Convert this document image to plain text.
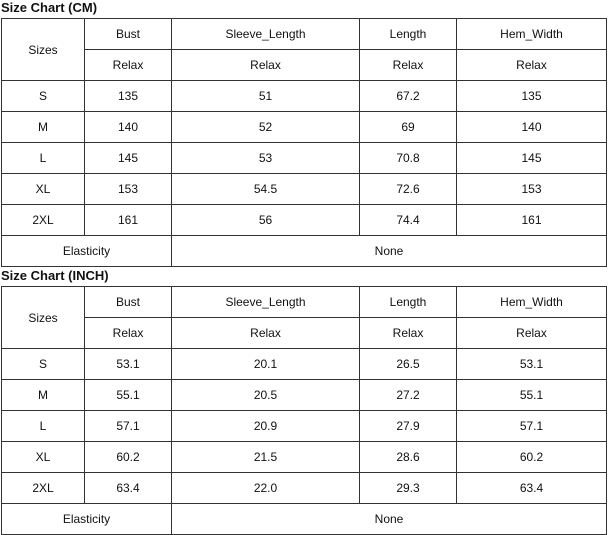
Size Chart (CM)
Sizes	Bust	Sleeve_Length	Length	Hem_Width
	Relax	Relax	Relax	Relax
S	135	51	67.2	135
M	140	52	69	140
L	145	53	70.8	145
XL	153	54.5	72.6	153
2XL	161	56	74.4	161
Elasticity		None		
Size Chart (INCH)
Sizes	Bust	Sleeve_Length	Length	Hem_Width
	Relax	Relax	Relax	Relax
S	53.1	20.1	26.5	53.1
M	55.1	20.5	27.2	55.1
L	57.1	20.9	27.9	57.1
XL	60.2	21.5	28.6	60.2
2XL	63.4	22.0	29.3	63.4
Elasticity		None		
